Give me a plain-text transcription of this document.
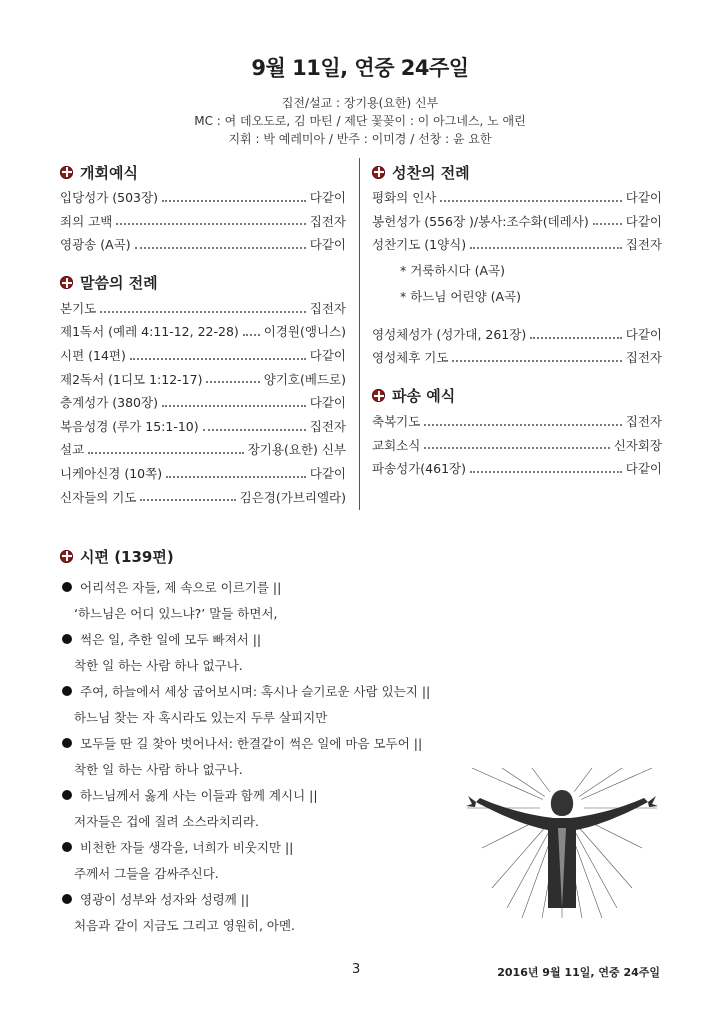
9월 11일, 연중 24주일
집전/설교 : 장기용(요한) 신부
MC : 여 데오도로, 김 마틴 / 제단 꽃꽂이 : 이 아그네스, 노 애린
지휘 : 박 예레미아 / 반주 : 이미경 / 선창 : 윤 요한
개회예식
입당성가 (503장)	다같이
죄의 고백	집전자
영광송 (A곡)	다같이
말씀의 전례
본기도	집전자
제1독서 (예레 4:11-12, 22-28) 이경원(앵니스)
시편 (14편)	다같이
제2독서 (1디모 1:12-17)	양기호(베드로)
층계성가 (380장)	다같이
복음성경 (루가 15:1-10)	집전자
설교	장기용(요한) 신부
니케아신경 (10쪽)	다같이
신자들의 기도	김은경(가브리엘라)
성찬의 전례
평화의 인사	다같이
봉헌성가 (556장 )/봉사:조수화(데레사)	다같이
성찬기도 (1양식)	집전자
* 거룩하시다 (A곡)
* 하느님 어린양 (A곡)
영성체성가 (성가대, 261장)	다같이
영성체후 기도	집전자
파송 예식
축복기도	집전자
교회소식	신자회장
파송성가(461장)	다같이
시편 (139편)
어리석은 자들, 제 속으로 이르기를 ||
‘하느님은 어디 있느냐?’ 말들 하면서,
썩은 일, 추한 일에 모두 빠져서 ||
착한 일 하는 사람 하나 없구나.
주여, 하늘에서 세상 굽어보시며: 혹시나 슬기로운 사람 있는지 ||
하느님 찾는 자 혹시라도 있는지 두루 살피지만
모두들 딴 길 찾아 벗어나서: 한결같이 썩은 일에 마음 모두어 ||
착한 일 하는 사람 하나 없구나.
하느님께서 옳게 사는 이들과 함께 계시니 ||
저자들은 겁에 질려 소스라치리라.
비천한 자들 생각을, 너희가 비웃지만 ||
주께서 그들을 감싸주신다.
영광이 성부와 성자와 성령께 ||
처음과 같이 지금도 그리고 영원히, 아멘.
3	2016년 9월 11일, 연중 24주일
